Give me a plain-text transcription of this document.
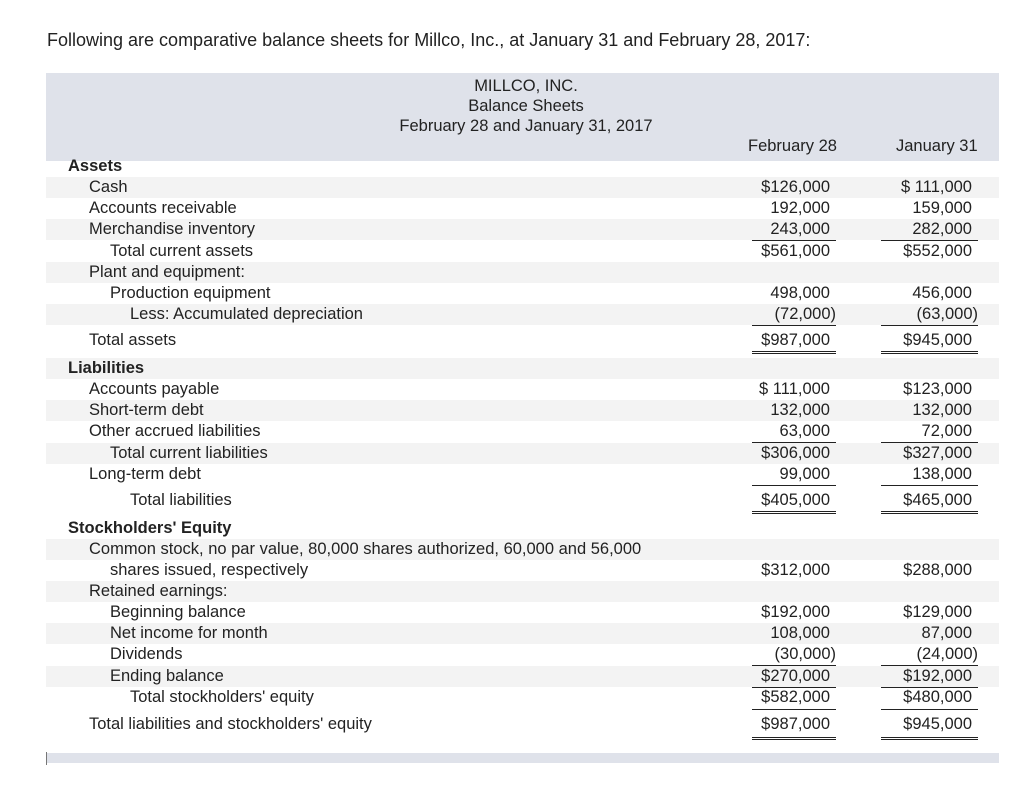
Following are comparative balance sheets for Millco, Inc., at January 31 and February 28, 2017:
MILLCO, INC.
Balance Sheets
February 28 and January 31, 2017
February 28	January 31
Assets
Cash	$126,000	$ 111,000
Accounts receivable	192,000	159,000
Merchandise inventory	243,000	282,000
Total current assets	$561,000	$552,000
Plant and equipment:
Production equipment	498,000	456,000
Less: Accumulated depreciation	(72,000)	(63,000)
Total assets	$987,000	$945,000
Liabilities
Accounts payable	$ 111,000	$123,000
Short-term debt	132,000	132,000
Other accrued liabilities	63,000	72,000
Total current liabilities	$306,000	$327,000
Long-term debt	99,000	138,000
Total liabilities	$405,000	$465,000
Stockholders' Equity
Common stock, no par value, 80,000 shares authorized, 60,000 and 56,000
shares issued, respectively	$312,000	$288,000
Retained earnings:
Beginning balance	$192,000	$129,000
Net income for month	108,000	87,000
Dividends	(30,000)	(24,000)
Ending balance	$270,000	$192,000
Total stockholders' equity	$582,000	$480,000
Total liabilities and stockholders' equity	$987,000	$945,000
